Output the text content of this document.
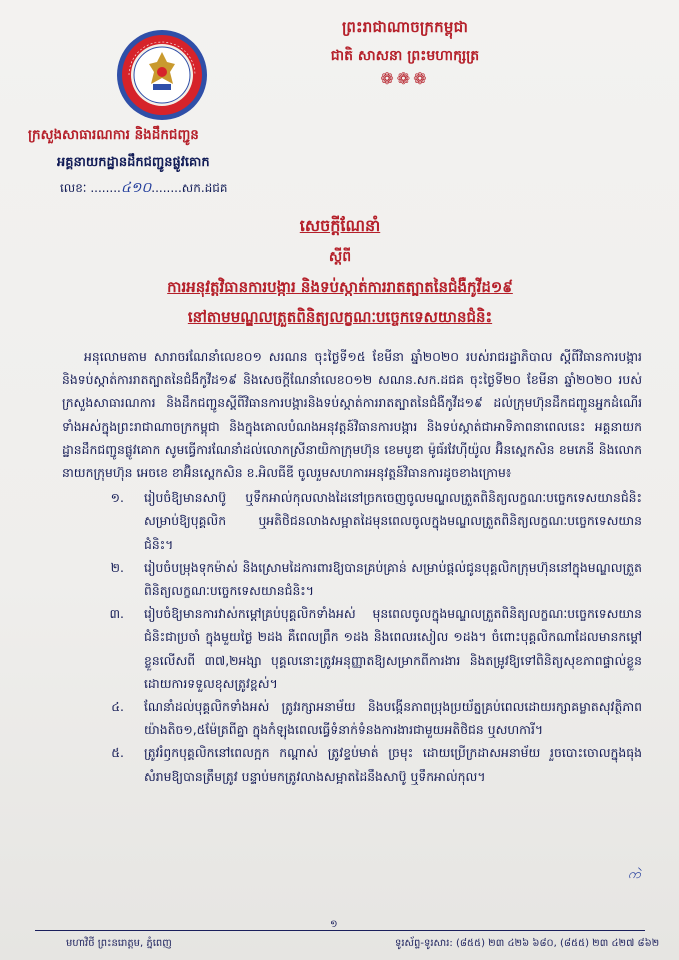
ព្រះរាជាណាចក្រកម្ពុជា
ជាតិ សាសនា ព្រះមហាក្សត្រ
❁❁❁
ក្រសួងសាធារណការ និងដឹកជញ្ជូន
អគ្គនាយកដ្ឋានដឹកជញ្ជូនផ្លូវគោក
លេខៈ ........៤១០........សក.ដជគ
សេចក្ដីណែនាំ
ស្ដីពី
ការអនុវត្តវិធានការបង្ការ និងទប់ស្កាត់ការរាតត្បាតនៃជំងឺកូវីដ១៩
នៅតាមមណ្ឌលត្រួតពិនិត្យលក្ខណៈបច្ចេកទេសយានជំនិះ
អនុលោមតាម សារាចរណែនាំលេខ០១ សរណន ចុះថ្ងៃទី១៥ ខែមីនា ឆ្នាំ២០២០ របស់រាជរដ្ឋាភិបាល ស្ដីពីវិធានការបង្ការនិងទប់ស្កាត់ការរាតត្បាតនៃជំងឺកូវីដ១៩ និងសេចក្ដីណែនាំលេខ០១២ សណន.សក.ដជគ ចុះថ្ងៃទី២០ ខែមីនា ឆ្នាំ២០២០ របស់ក្រសួងសាធារណការ និងដឹកជញ្ជូនស្ដីពីវិធានការបង្ការនិងទប់ស្កាត់ការរាតត្បាតនៃជំងឺកូវីដ១៩ ដល់ក្រុមហ៊ុនដឹកជញ្ជូនអ្នកដំណើរទាំងអស់ក្នុងព្រះរាជាណាចក្រកម្ពុជា និងក្នុងគោលបំណងអនុវត្តន៍វិធានការបង្ការ និងទប់ស្កាត់ជាអាទិភាពនាពេលនេះ អគ្គនាយកដ្ឋានដឹកជញ្ជូនផ្លូវគោក សូមធ្វើការណែនាំដល់លោកស្រីនាយិកាក្រុមហ៊ុន ខេមបូឌា ម៉ូធ័រវែហ៊ីយ៉ូល អ៊ិនស្ពេកសិន ខមភេនី និងលោកនាយកក្រុមហ៊ុន អេចខេ ខាអ៊ិនស្ពេកសិន ខ.អិលធីឌី ចូលរួមសហការអនុវត្តន៍វិធានការដូចខាងក្រោម៖
១.	រៀបចំឱ្យមានសាប៊ូ ឬទឹកអាល់កុលលាងដៃនៅច្រកចេញចូលមណ្ឌលត្រួតពិនិត្យលក្ខណៈបច្ចេកទេសយានជំនិះ សម្រាប់ឱ្យបុគ្គលិក ឬអតិថិជនលាងសម្អាតដៃមុនពេលចូលក្នុងមណ្ឌលត្រួតពិនិត្យលក្ខណៈបច្ចេកទេសយានជំនិះ។
២.	រៀបចំបម្រុងទុកម៉ាស់ និងស្រោមដៃការពារឱ្យបានគ្រប់គ្រាន់ សម្រាប់ផ្ដល់ជូនបុគ្គលិកក្រុមហ៊ុននៅក្នុងមណ្ឌលត្រួតពិនិត្យលក្ខណៈបច្ចេកទេសយានជំនិះ។
៣.	រៀបចំឱ្យមានការវាស់កម្ដៅគ្រប់បុគ្គលិកទាំងអស់ មុនពេលចូលក្នុងមណ្ឌលត្រួតពិនិត្យលក្ខណៈបច្ចេកទេសយានជំនិះជាប្រចាំ ក្នុងមួយថ្ងៃ ២ដង គឺពេលព្រឹក ១ដង និងពេលរសៀល ១ដង។ ចំពោះបុគ្គលិកណាដែលមានកម្ដៅខ្លួនលើសពី ៣៧,២អង្សា បុគ្គលនោះត្រូវអនុញ្ញាតឱ្យសម្រាកពីការងារ និងតម្រូវឱ្យទៅពិនិត្យសុខភាពផ្ទាល់ខ្លួនដោយការទទួលខុសត្រូវខ្ពស់។
៤.	ណែនាំដល់បុគ្គលិកទាំងអស់ ត្រូវរក្សាអនាម័យ និងបង្កើនភាពប្រុងប្រយ័ត្នគ្រប់ពេលដោយរក្សាគម្លាតសុវត្ថិភាពយ៉ាងតិច១,៥ម៉ែត្រពីគ្នា ក្នុងកំឡុងពេលធ្វើទំនាក់ទំនងការងារជាមួយអតិថិជន ឬសហការី។
៥.	ត្រូវរំឭកបុគ្គលិកនៅពេលក្អក កណ្ដាស់ ត្រូវខ្ទប់មាត់ ច្រមុះ ដោយប្រើក្រដាសអនាម័យ រួចបោះចោលក្នុងធុងសំរាមឱ្យបានត្រឹមត្រូវ បន្ទាប់មកត្រូវលាងសម្អាតដៃនឹងសាប៊ូ ឬទឹកអាល់កុល។
ကဲ
១
មហាវិថី ព្រះនរោត្តម, ភ្នំពេញ	ទូរស័ព្ទ-ទូរសារ: (៨៥៥) ២៣ ៤២៦ ៦៨០, (៨៥៥) ២៣ ៤២៧ ៨៦២
